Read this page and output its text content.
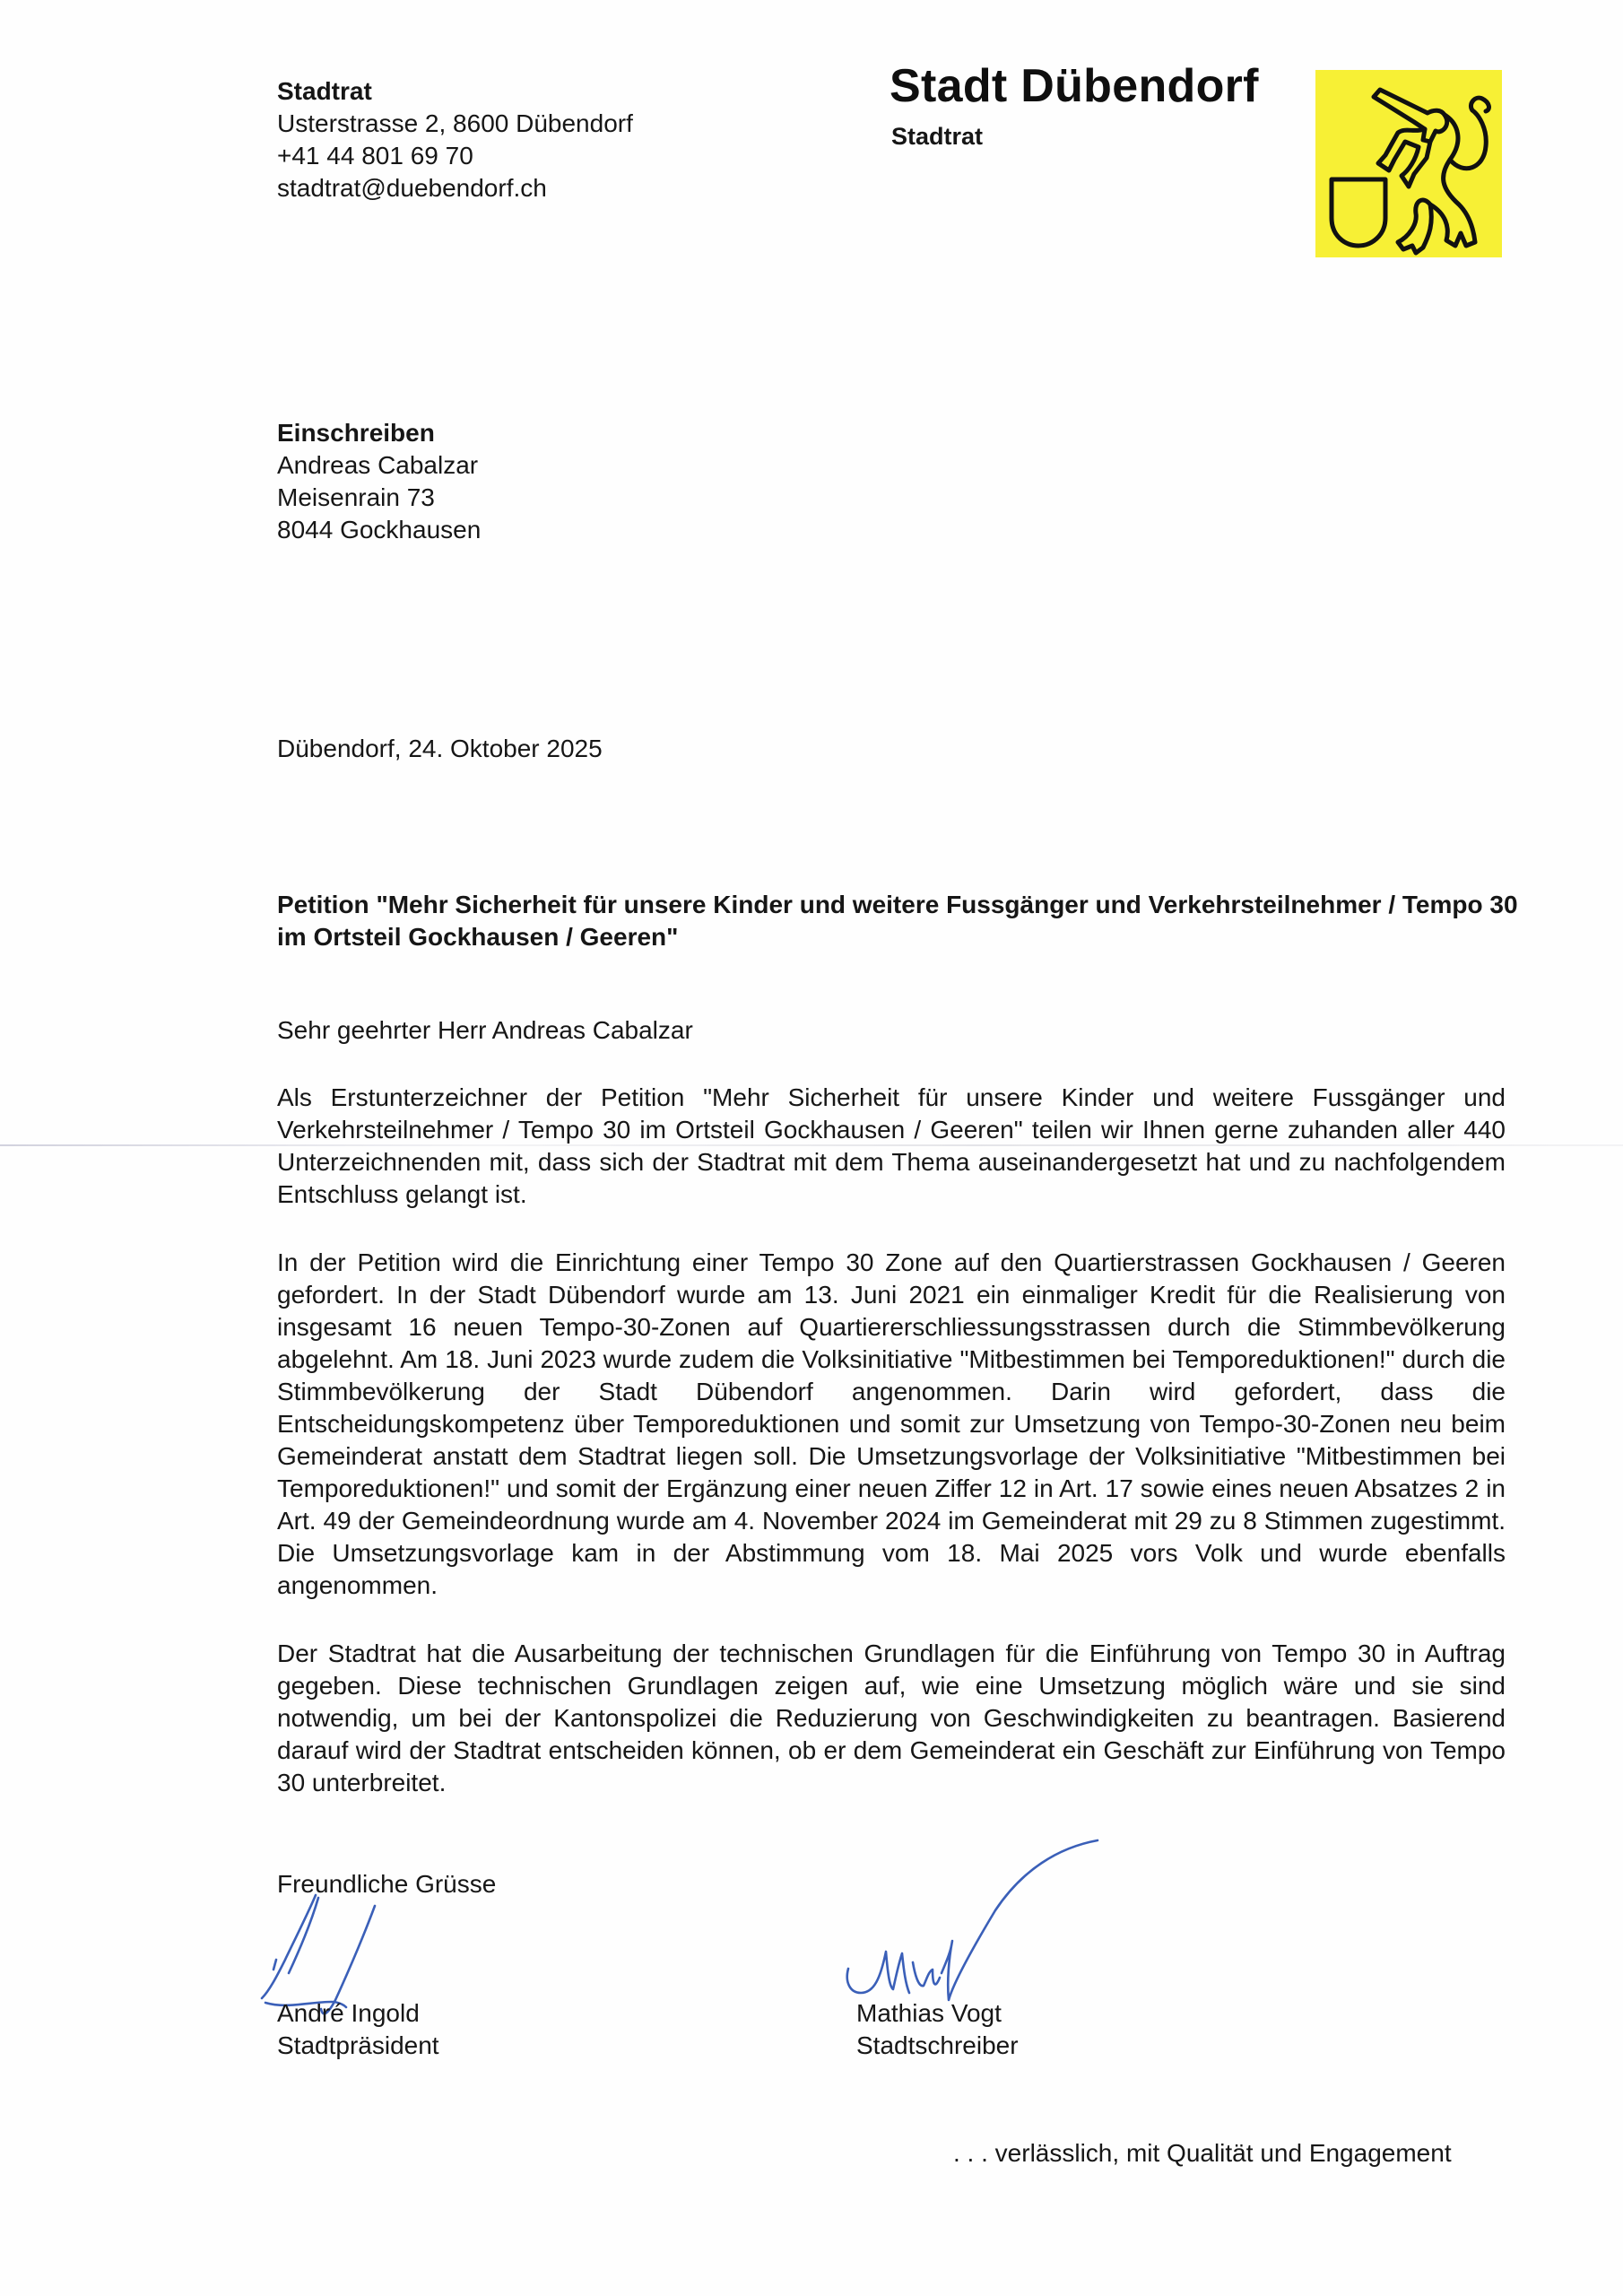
Stadtrat
Usterstrasse 2, 8600 Dübendorf
+41 44 801 69 70
stadtrat@duebendorf.ch
Stadt Dübendorf
Stadtrat
Einschreiben
Andreas Cabalzar
Meisenrain 73
8044 Gockhausen
Dübendorf, 24. Oktober 2025
Petition "Mehr Sicherheit für unsere Kinder und weitere Fussgänger und Verkehrsteilnehmer / Tempo 30 im Ortsteil Gockhausen / Geeren"
Sehr geehrter Herr Andreas Cabalzar
Als Erstunterzeichner der Petition "Mehr Sicherheit für unsere Kinder und weitere Fussgänger und Verkehrsteilnehmer / Tempo 30 im Ortsteil Gockhausen / Geeren" teilen wir Ihnen gerne zuhanden aller 440 Unterzeichnenden mit, dass sich der Stadtrat mit dem Thema auseinandergesetzt hat und zu nachfolgendem Entschluss gelangt ist.
In der Petition wird die Einrichtung einer Tempo 30 Zone auf den Quartierstrassen Gockhausen / Geeren gefordert. In der Stadt Dübendorf wurde am 13. Juni 2021 ein einmaliger Kredit für die Realisierung von insgesamt 16 neuen Tempo-30-Zonen auf Quartiererschliessungsstrassen durch die Stimmbevölkerung abgelehnt. Am 18. Juni 2023 wurde zudem die Volksinitiative "Mitbestimmen bei Temporeduktionen!" durch die Stimmbevölkerung der Stadt Dübendorf angenommen. Darin wird gefordert, dass die Entscheidungskompetenz über Temporeduktionen und somit zur Umsetzung von Tempo-30-Zonen neu beim Gemeinderat anstatt dem Stadtrat liegen soll. Die Umsetzungsvorlage der Volksinitiative "Mitbestimmen bei Temporeduktionen!" und somit der Ergänzung einer neuen Ziffer 12 in Art. 17 sowie eines neuen Absatzes 2 in Art. 49 der Gemeindeordnung wurde am 4. November 2024 im Gemeinderat mit 29 zu 8 Stimmen zugestimmt. Die Umsetzungsvorlage kam in der Abstimmung vom 18. Mai 2025 vors Volk und wurde ebenfalls angenommen.
Der Stadtrat hat die Ausarbeitung der technischen Grundlagen für die Einführung von Tempo 30 in Auftrag gegeben. Diese technischen Grundlagen zeigen auf, wie eine Umsetzung möglich wäre und sie sind notwendig, um bei der Kantonspolizei die Reduzierung von Geschwindigkeiten zu beantragen. Basierend darauf wird der Stadtrat entscheiden können, ob er dem Gemeinderat ein Geschäft zur Einführung von Tempo 30 unterbreitet.
Freundliche Grüsse
André Ingold
Stadtpräsident
Mathias Vogt
Stadtschreiber
. . . verlässlich, mit Qualität und Engagement
